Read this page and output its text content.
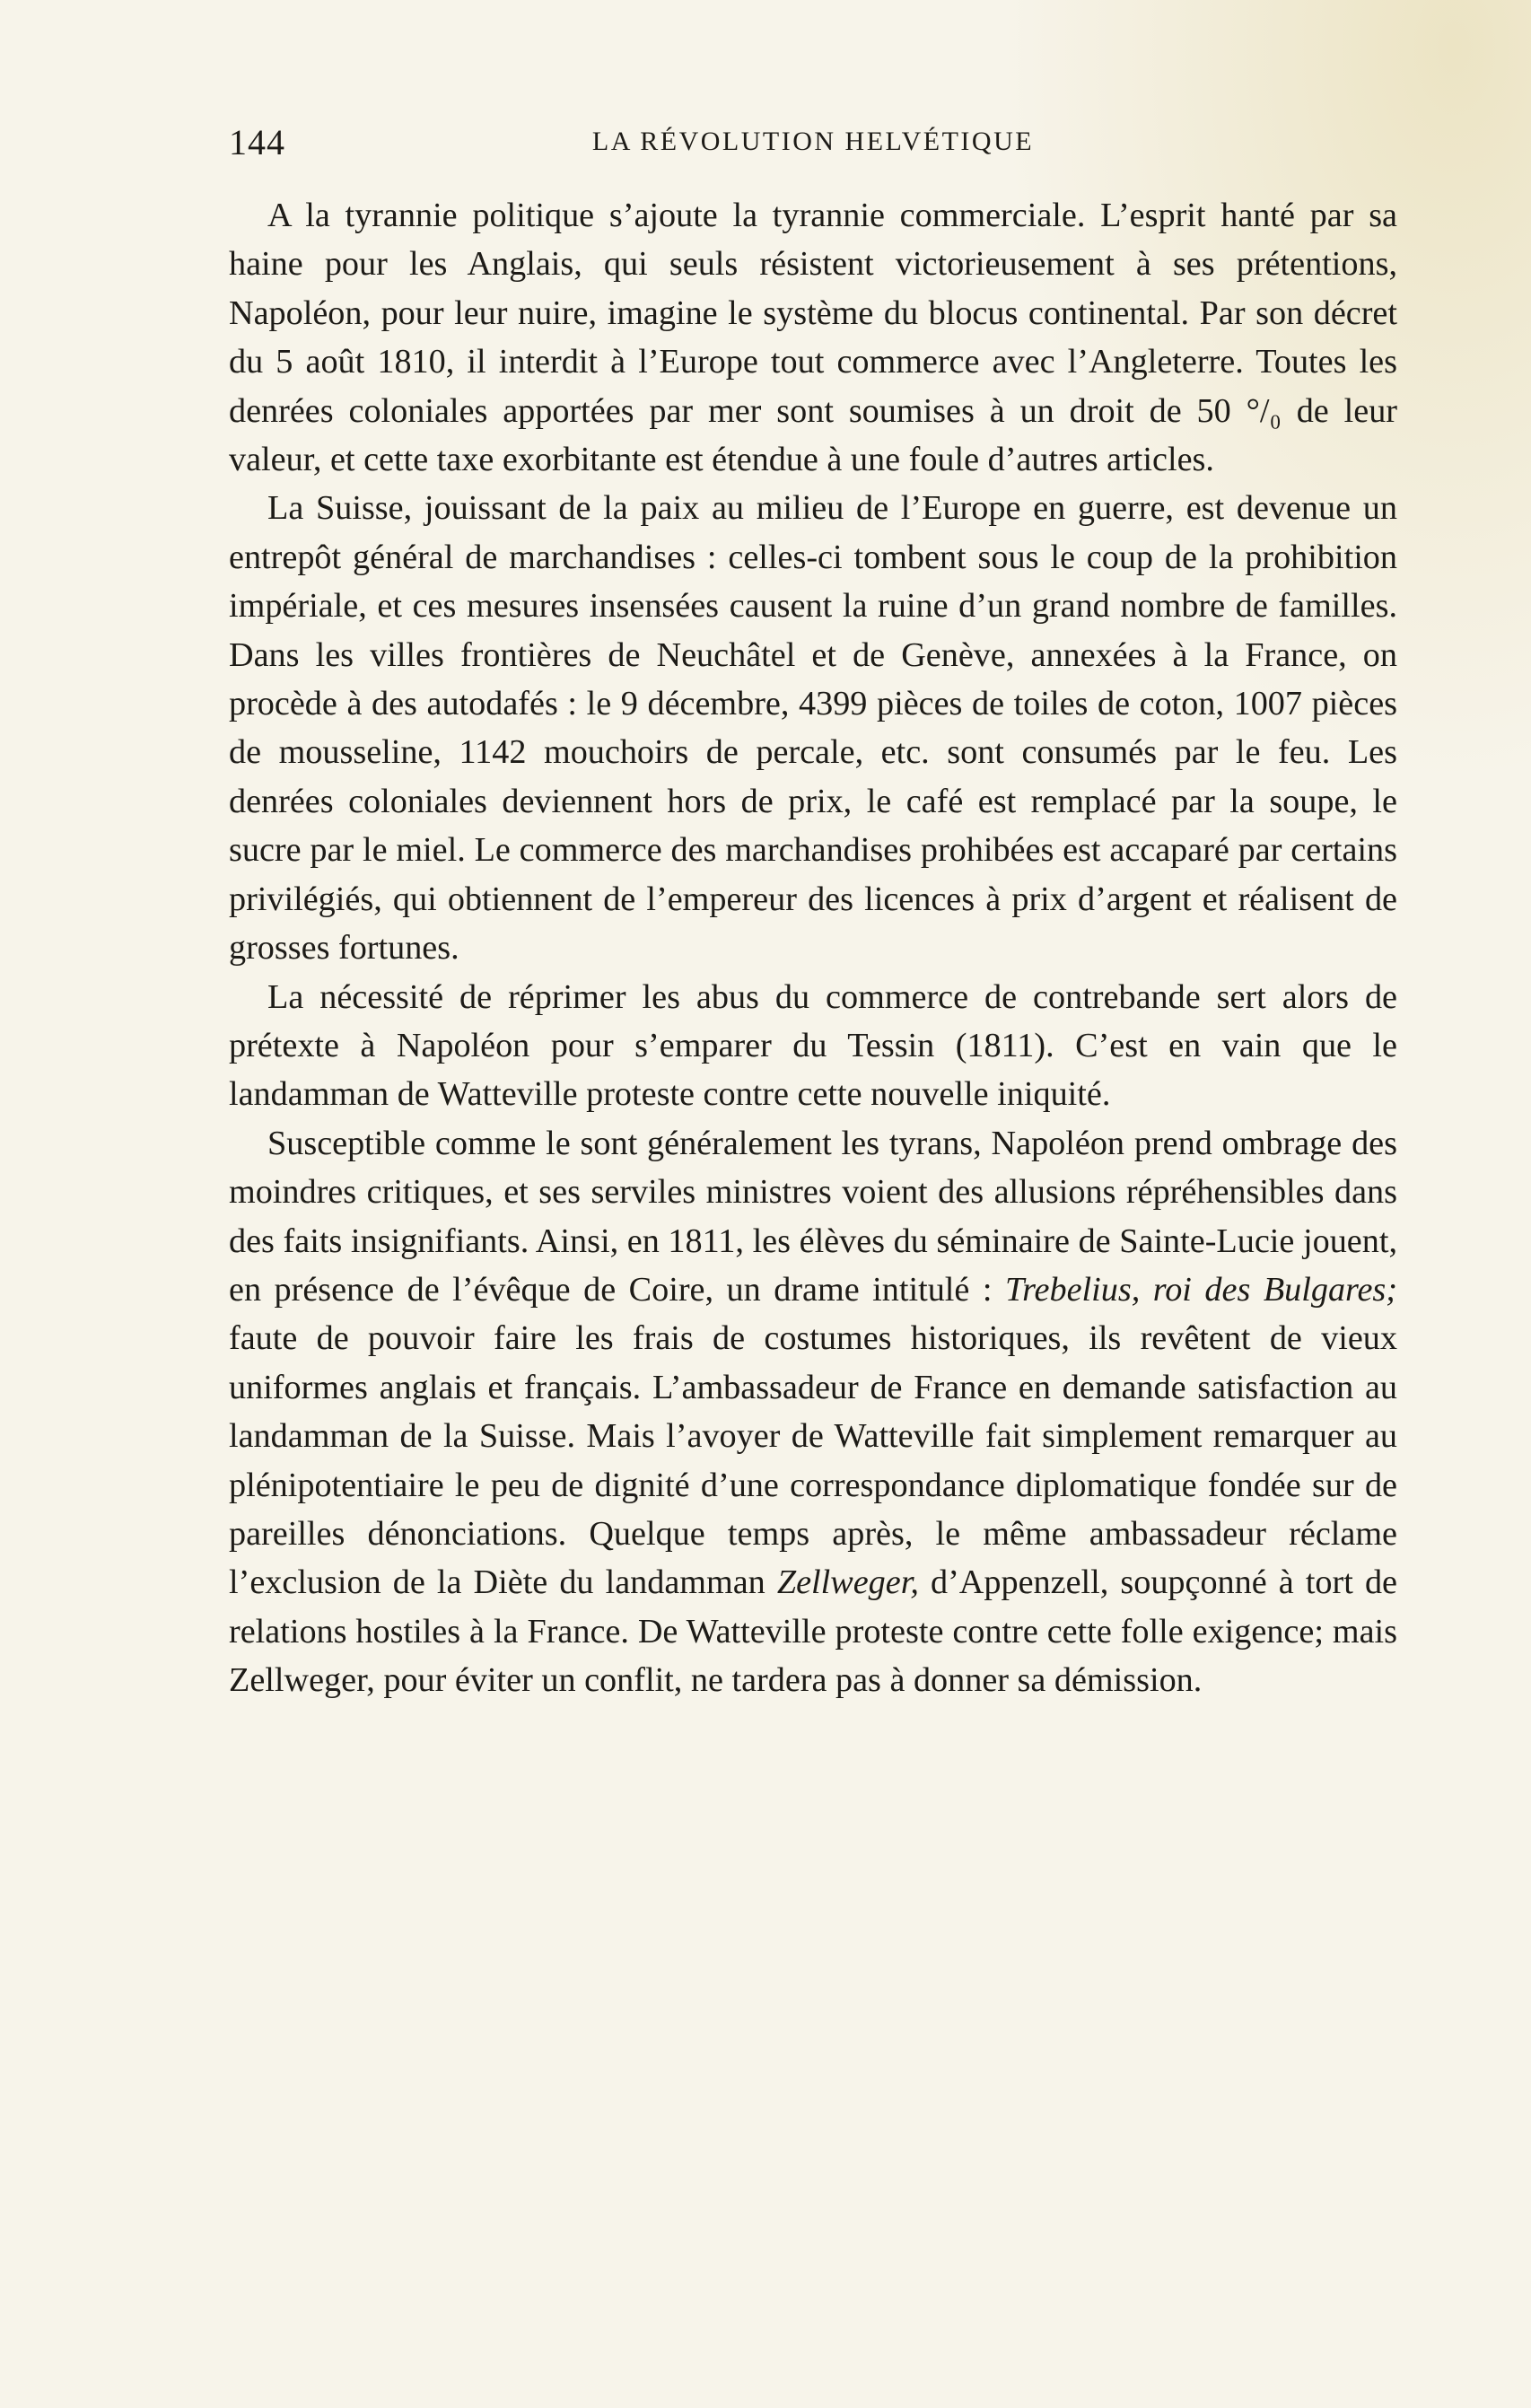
144	LA RÉVOLUTION HELVÉTIQUE

A la tyrannie politique s’ajoute la tyrannie commerciale. L’esprit hanté par sa haine pour les Anglais, qui seuls résistent victorieusement à ses prétentions, Napoléon, pour leur nuire, imagine le système du blocus continental. Par son décret du 5 août 1810, il interdit à l’Europe tout commerce avec l’Angleterre. Toutes les denrées coloniales apportées par mer sont soumises à un droit de 50 °/₀ de leur valeur, et cette taxe exorbitante est étendue à une foule d’autres articles.

La Suisse, jouissant de la paix au milieu de l’Europe en guerre, est devenue un entrepôt général de marchandises : celles-ci tombent sous le coup de la prohibition impériale, et ces mesures insensées causent la ruine d’un grand nombre de familles. Dans les villes frontières de Neuchâtel et de Genève, annexées à la France, on procède à des autodafés : le 9 décembre, 4399 pièces de toiles de coton, 1007 pièces de mousseline, 1142 mouchoirs de percale, etc. sont consumés par le feu. Les denrées coloniales deviennent hors de prix, le café est remplacé par la soupe, le sucre par le miel. Le commerce des marchandises prohibées est accaparé par certains privilégiés, qui obtiennent de l’empereur des licences à prix d’argent et réalisent de grosses fortunes.

La nécessité de réprimer les abus du commerce de contrebande sert alors de prétexte à Napoléon pour s’emparer du Tessin (1811). C’est en vain que le landamman de Watteville proteste contre cette nouvelle iniquité.

Susceptible comme le sont généralement les tyrans, Napoléon prend ombrage des moindres critiques, et ses serviles ministres voient des allusions répréhensibles dans des faits insignifiants. Ainsi, en 1811, les élèves du séminaire de Sainte-Lucie jouent, en présence de l’évêque de Coire, un drame intitulé : Trebelius, roi des Bulgares; faute de pouvoir faire les frais de costumes historiques, ils revêtent de vieux uniformes anglais et français. L’ambassadeur de France en demande satisfaction au landamman de la Suisse. Mais l’avoyer de Watteville fait simplement remarquer au plénipotentiaire le peu de dignité d’une correspondance diplomatique fondée sur de pareilles dénonciations. Quelque temps après, le même ambassadeur réclame l’exclusion de la Diète du landamman Zellweger, d’Appenzell, soupçonné à tort de relations hostiles à la France. De Watteville proteste contre cette folle exigence; mais Zellweger, pour éviter un conflit, ne tardera pas à donner sa démission.
